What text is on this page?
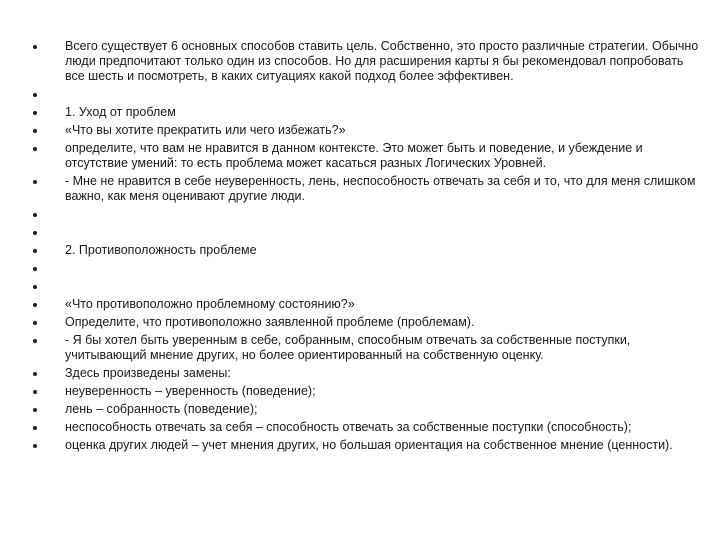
Всего существует 6 основных способов ставить цель. Собственно, это просто различные стратегии. Обычно люди предпочитают только один из способов. Но для расширения карты я бы рекомендовал попробовать все шесть и посмотреть, в каких ситуациях какой подход более эффективен.
1. Уход от проблем
«Что вы хотите прекратить или чего избежать?»
определите, что вам не нравится в данном контексте. Это может быть и поведение, и убеждение и отсутствие умений: то есть проблема может касаться разных Логических Уровней.
- Мне не нравится в себе неуверенность, лень, неспособность отвечать за себя и то, что для меня слишком важно, как меня оценивают другие люди.
2. Противоположность проблеме
«Что противоположно проблемному состоянию?»
Определите, что противоположно заявленной проблеме (проблемам).
- Я бы хотел быть уверенным в себе, собранным, способным отвечать за собственные поступки, учитывающий мнение других, но более ориентированный на собственную оценку.
Здесь произведены замены:
неуверенность – уверенность (поведение);
лень – собранность (поведение);
неспособность отвечать за себя – способность отвечать за собственные поступки (способность);
оценка других людей – учет мнения других, но большая ориентация на собственное мнение (ценности).
